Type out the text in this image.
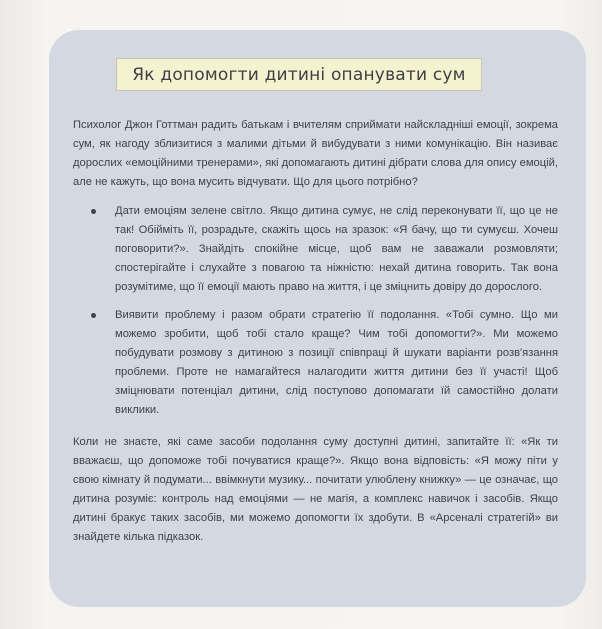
Як допомогти дитині опанувати сум

Психолог Джон Готтман радить батькам і вчителям сприймати найскладніші емоції, зокрема сум, як нагоду зблизитися з малими дітьми й вибудувати з ними комунікацію. Він називає дорослих «емоційними тренерами», які допомагають дитині дібрати слова для опису емоцій, але не кажуть, що вона мусить відчувати. Що для цього потрібно?

Дати емоціям зелене світло. Якщо дитина сумує, не слід переконувати її, що це не так! Обійміть її, розрадьте, скажіть щось на зразок: «Я бачу, що ти сумуєш. Хочеш поговорити?». Знайдіть спокійне місце, щоб вам не заважали розмовляти; спостерігайте і слухайте з повагою та ніжністю: нехай дитина говорить. Так вона розумітиме, що її емоції мають право на життя, і це зміцнить довіру до дорослого.
Виявити проблему і разом обрати стратегію її подолання. «Тобі сумно. Що ми можемо зробити, щоб тобі стало краще? Чим тобі допомогти?». Ми можемо побудувати розмову з дитиною з позиції співпраці й шукати варіанти розв'язання проблеми. Проте не намагайтеся налагодити життя дитини без її участі! Щоб зміцнювати потенціал дитини, слід поступово допомагати їй самостійно долати виклики.

Коли не знаєте, які саме засоби подолання суму доступні дитині, запитайте її: «Як ти вважаєш, що допоможе тобі почуватися краще?». Якщо вона відповість: «Я можу піти у свою кімнату й подумати... ввімкнути музику... почитати улюблену книжку» — це означає, що дитина розуміє: контроль над емоціями — не магія, а комплекс навичок і засобів. Якщо дитині бракує таких засобів, ми можемо допомогти їх здобути. В «Арсеналі стратегій» ви знайдете кілька підказок.
